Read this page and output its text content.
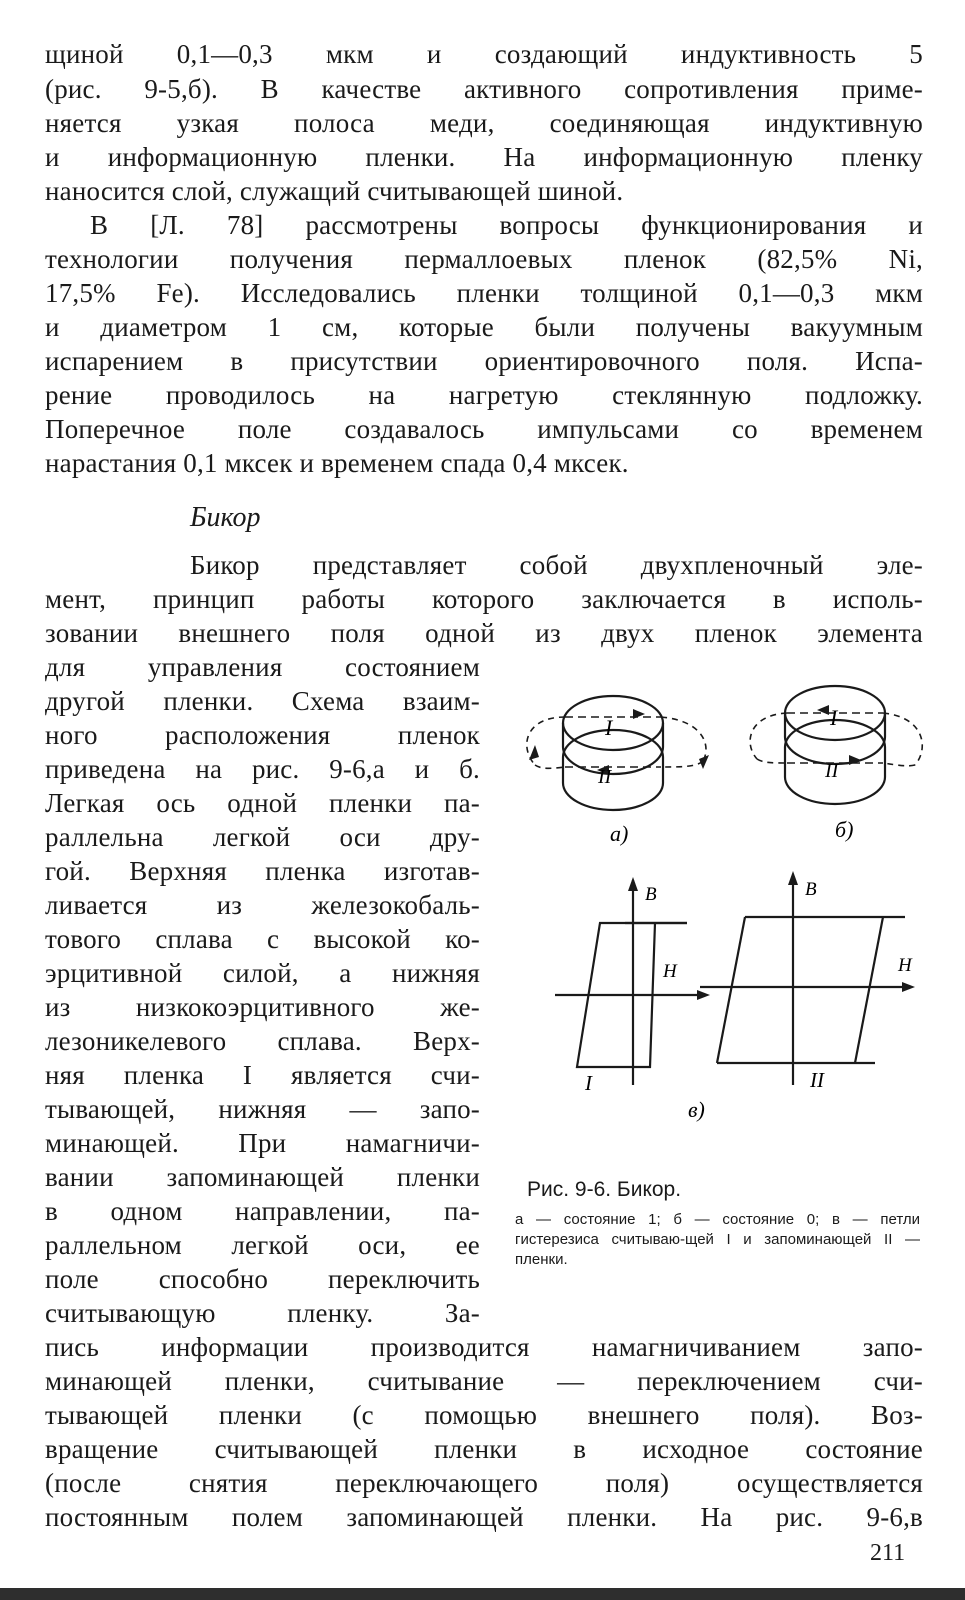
щиной 0,1—0,3 мкм и создающий индуктивность 5
(рис. 9-5,б). В качестве активного сопротивления приме-
няется узкая полоса меди, соединяющая индуктивную
и информационную пленки. На информационную пленку
наносится слой, служащий считывающей шиной.
В [Л. 78] рассмотрены вопросы функционирования и
технологии получения пермаллоевых пленок (82,5% Ni,
17,5% Fe). Исследовались пленки толщиной 0,1—0,3 мкм
и диаметром 1 см, которые были получены вакуумным
испарением в присутствии ориентировочного поля. Испа-
рение проводилось на нагретую стеклянную подложку.
Поперечное поле создавалось импульсами со временем
нарастания 0,1 мксек и временем спада 0,4 мксек.
Бикор
Бикор представляет собой двухпленочный эле-
мент, принцип работы которого заключается в исполь-
зовании внешнего поля одной из двух пленок элемента
для управления состоянием
другой пленки. Схема взаим-
ного расположения пленок
приведена на рис. 9-6,а и б.
Легкая ось одной пленки па-
раллельна легкой оси дру-
гой. Верхняя пленка изготав-
ливается из железокобаль-
тового сплава с высокой ко-
эрцитивной силой, а нижняя
из низкокоэрцитивного же-
лезоникелевого сплава. Верх-
няя пленка I является счи-
тывающей, нижняя — запо-
минающей. При намагничи-
вании запоминающей пленки
в одном направлении, па-
раллельном легкой оси, ее
поле способно переключить
считывающую пленку. За-
пись информации производится намагничиванием запо-
минающей пленки, считывание — переключением счи-
тывающей пленки (с помощью внешнего поля). Воз-
вращение считывающей пленки в исходное состояние
(после снятия переключающего поля) осуществляется
постоянным полем запоминающей пленки. На рис. 9-6,в
I
II
I
II
а)	б)
B
H
B
H
I	II
в)
Рис. 9-6. Бикор.
а — состояние 1; б — состояние 0; в — петли гистерезиса считываю-щей I и запоминающей II — пленки.
211
